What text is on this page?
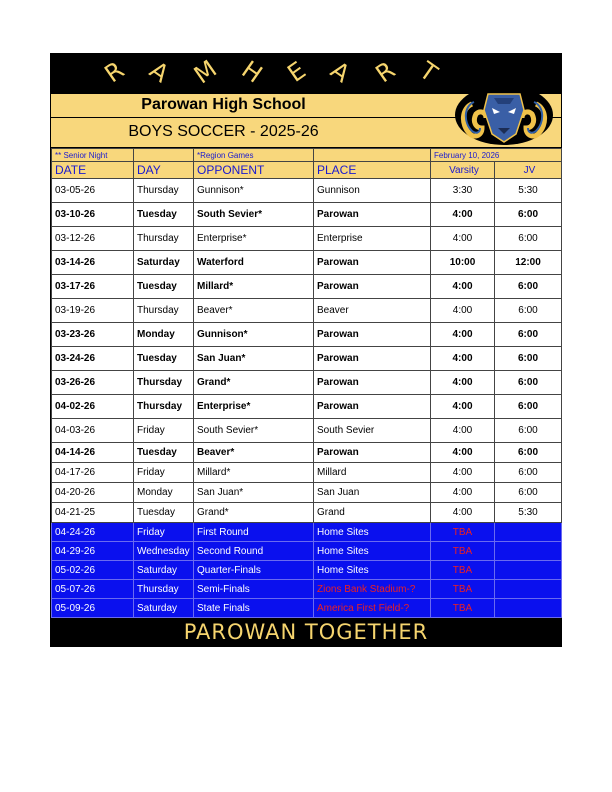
R A M H E A R T
Parowan High School
BOYS SOCCER - 2025-26
** Senior Night		*Region Games		February 10, 2026	
DATE	DAY	OPPONENT	PLACE	Varsity	JV
03-05-26	Thursday	Gunnison*	Gunnison	3:30	5:30
03-10-26	Tuesday	South Sevier*	Parowan	4:00	6:00
03-12-26	Thursday	Enterprise*	Enterprise	4:00	6:00
03-14-26	Saturday	Waterford	Parowan	10:00	12:00
03-17-26	Tuesday	Millard*	Parowan	4:00	6:00
03-19-26	Thursday	Beaver*	Beaver	4:00	6:00
03-23-26	Monday	Gunnison*	Parowan	4:00	6:00
03-24-26	Tuesday	San Juan*	Parowan	4:00	6:00
03-26-26	Thursday	Grand*	Parowan	4:00	6:00
04-02-26	Thursday	Enterprise*	Parowan	4:00	6:00
04-03-26	Friday	South Sevier*	South Sevier	4:00	6:00
04-14-26	Tuesday	Beaver*	Parowan	4:00	6:00
04-17-26	Friday	Millard*	Millard	4:00	6:00
04-20-26	Monday	San Juan*	San Juan	4:00	6:00
04-21-25	Tuesday	Grand*	Grand	4:00	5:30
04-24-26	Friday	First Round	Home Sites	TBA	
04-29-26	Wednesday	Second Round	Home Sites	TBA	
05-02-26	Saturday	Quarter-Finals	Home Sites	TBA	
05-07-26	Thursday	Semi-Finals	Zions Bank Stadium-?	TBA	
05-09-26	Saturday	State Finals	America First Field-?	TBA	
PAROWAN TOGETHER
